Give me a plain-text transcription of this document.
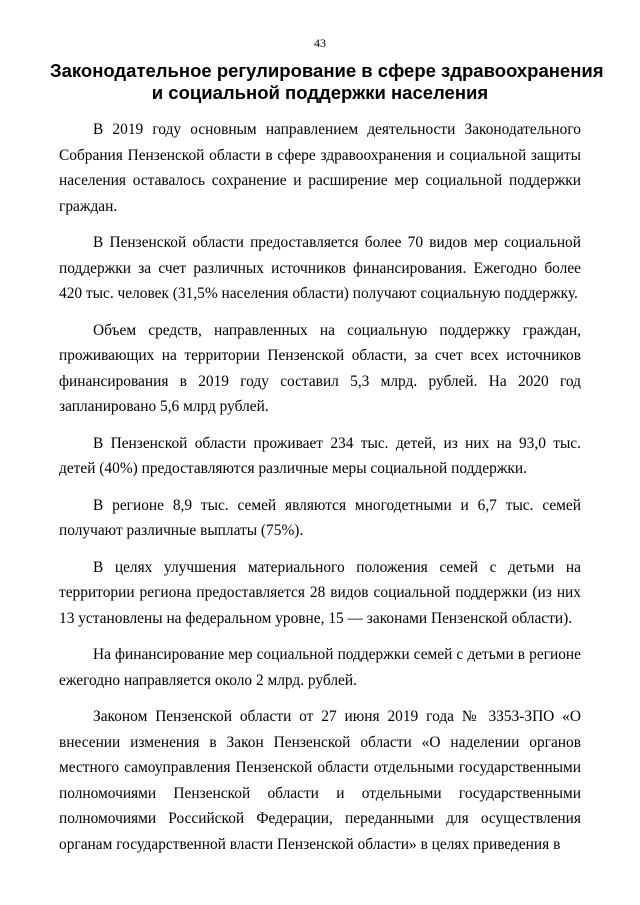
43
Законодательное регулирование в сфере здравоохранения
и социальной поддержки населения

В 2019 году основным направлением деятельности Законодательного Собрания Пензенской области в сфере здравоохранения и социальной защиты населения оставалось сохранение и расширение мер социальной поддержки граждан.

В Пензенской области предоставляется более 70 видов мер социальной поддержки за счет различных источников финансирования. Ежегодно более 420 тыс. человек (31,5% населения области) получают социальную поддержку.

Объем средств, направленных на социальную поддержку граждан, проживающих на территории Пензенской области, за счет всех источников финансирования в 2019 году составил 5,3 млрд. рублей. На 2020 год запланировано 5,6 млрд рублей.

В Пензенской области проживает 234 тыс. детей, из них на 93,0 тыс. детей (40%) предоставляются различные меры социальной поддержки.

В регионе 8,9 тыс. семей являются многодетными и 6,7 тыс. семей получают различные выплаты (75%).

В целях улучшения материального положения семей с детьми на территории региона предоставляется 28 видов социальной поддержки (из них 13 установлены на федеральном уровне, 15 — законами Пензенской области).

На финансирование мер социальной поддержки семей с детьми в регионе ежегодно направляется около 2 млрд. рублей.

Законом Пензенской области от 27 июня 2019 года № 3353-ЗПО «О внесении изменения в Закон Пензенской области «О наделении органов местного самоуправления Пензенской области отдельными государственными полномочиями Пензенской области и отдельными государственными полномочиями Российской Федерации, переданными для осуществления органам государственной власти Пензенской области» в целях приведения в
